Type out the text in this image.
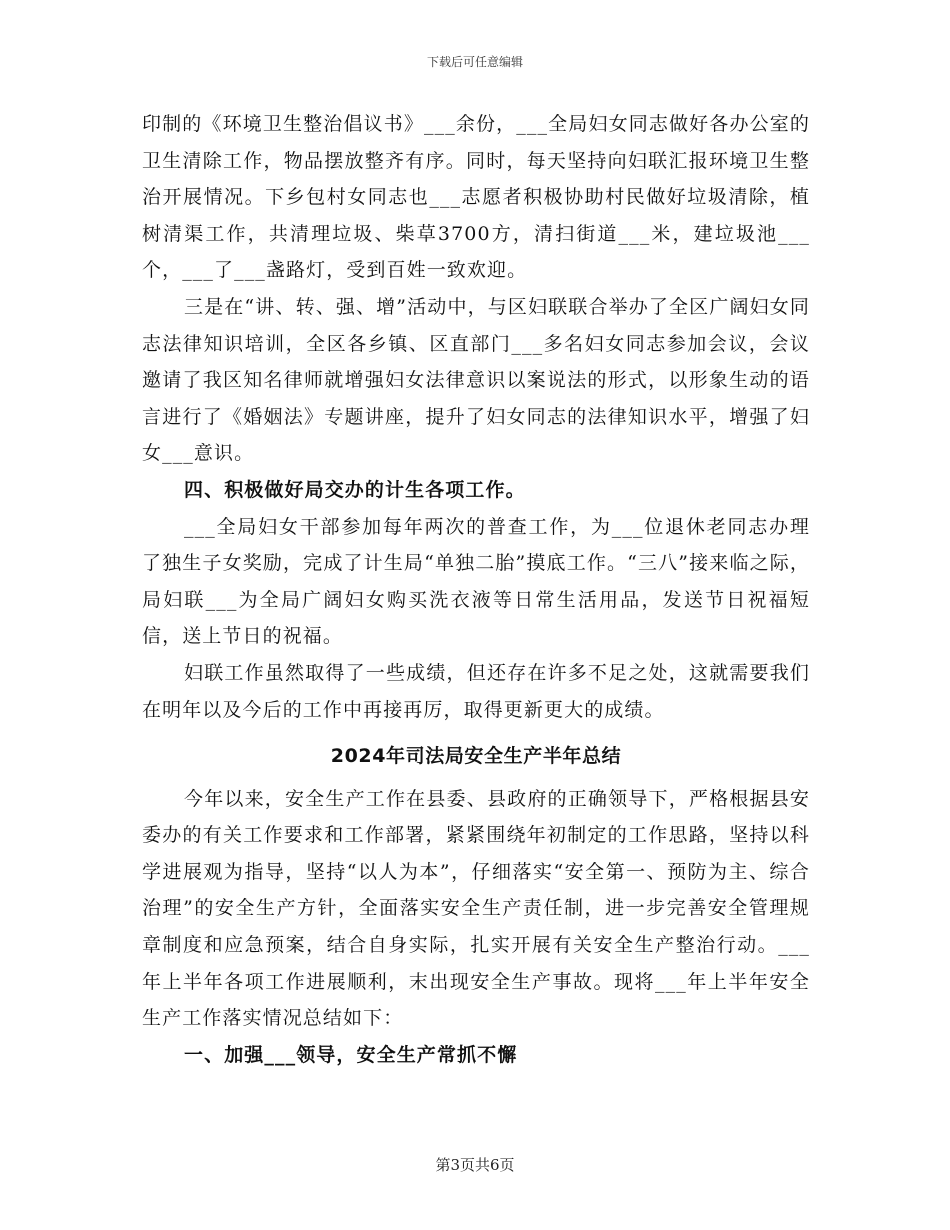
下载后可任意编辑

印制的《环境卫生整治倡议书》___余份，___全局妇女同志做好各办公室的卫生清除工作，物品摆放整齐有序。同时，每天坚持向妇联汇报环境卫生整治开展情况。下乡包村女同志也___志愿者积极协助村民做好垃圾清除，植树清渠工作，共清理垃圾、柴草3700方，清扫街道___米，建垃圾池___个，___了___盏路灯，受到百姓一致欢迎。

三是在“讲、转、强、增”活动中，与区妇联联合举办了全区广阔妇女同志法律知识培训，全区各乡镇、区直部门___多名妇女同志参加会议，会议邀请了我区知名律师就增强妇女法律意识以案说法的形式，以形象生动的语言进行了《婚姻法》专题讲座，提升了妇女同志的法律知识水平，增强了妇女___意识。

四、积极做好局交办的计生各项工作。

___全局妇女干部参加每年两次的普查工作，为___位退休老同志办理了独生子女奖励，完成了计生局“单独二胎”摸底工作。“三八”接来临之际，局妇联___为全局广阔妇女购买洗衣液等日常生活用品，发送节日祝福短信，送上节日的祝福。

妇联工作虽然取得了一些成绩，但还存在许多不足之处，这就需要我们在明年以及今后的工作中再接再厉，取得更新更大的成绩。

2024年司法局安全生产半年总结

今年以来，安全生产工作在县委、县政府的正确领导下，严格根据县安委办的有关工作要求和工作部署，紧紧围绕年初制定的工作思路，坚持以科学进展观为指导，坚持“以人为本”，仔细落实“安全第一、预防为主、综合治理”的安全生产方针，全面落实安全生产责任制，进一步完善安全管理规章制度和应急预案，结合自身实际，扎实开展有关安全生产整治行动。___年上半年各项工作进展顺利，末出现安全生产事故。现将___年上半年安全生产工作落实情况总结如下：

一、加强___领导，安全生产常抓不懈

第3页共6页
